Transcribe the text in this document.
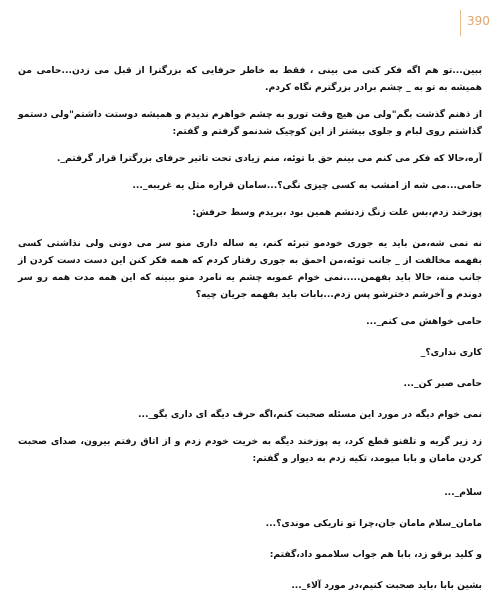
390

ببین...تو هم اگه فکر کنی می بینی ، فقط به خاطر حرفایی که بزرگترا از قبل می زدن...حامی من همیشه به تو به _ چشم برادر بزرگترم نگاه کردم.

از ذهنم گذشت بگم"ولی من هیچ وقت تورو به چشم خواهرم ندیدم و همیشه دوستت داشتم"ولی دستمو گذاشتم روی لبام و جلوی بیشتر از این کوچیک شدنمو گرفتم و گفتم:

آره،حالا که فکر می کنم می بینم حق با توئه، منم زیادی تحت تاثیر حرفای بزرگترا قرار گرفتم_.

حامی...می شه از امشب به کسی چیزی نگی؟...سامان قراره مثل یه غریبه_...

پوزخند زدم،بس علت زنگ زدنشم همین بود ،بریدم وسط حرفش:

نه نمی شه،من باید یه جوری خودمو تبرئه کنم، یه ساله داری منو سر می دونی ولی نذاشتی کسی بفهمه مخالفت از _ جانب توئه،من احمق به جوری رفتار کردم که همه فکر کنن این دست دست کردن از جانب منه، حالا باید بفهمن.....نمی خوام عموبه چشم یه نامرد منو ببینه که این همه مدت همه رو سر دوندم و آخرشم دخترشو پس زدم...بابات باید بفهمه جریان چیه؟

حامی خواهش می کنم_...

کاری نداری؟_

حامی صبر کن_...

نمی خوام دیگه در مورد این مسئله صحبت کنم،اگه حرف دیگه ای داری بگو_...

زد زیر گریه و تلفنو قطع کرد، یه پوزخند دیگه به خریت خودم زدم و از اتاق رفتم بیرون، صدای صحبت کردن مامان و بابا میومد، تکیه زدم به دیوار و گفتم:

سلام_...

مامان_سلام مامان جان،چرا تو تاریکی موندی؟...

و کلید برقو زد، بابا هم جواب سلاممو داد،گفتم:

بشین بابا ،باید صحبت کنیم،در مورد آلاء_...
